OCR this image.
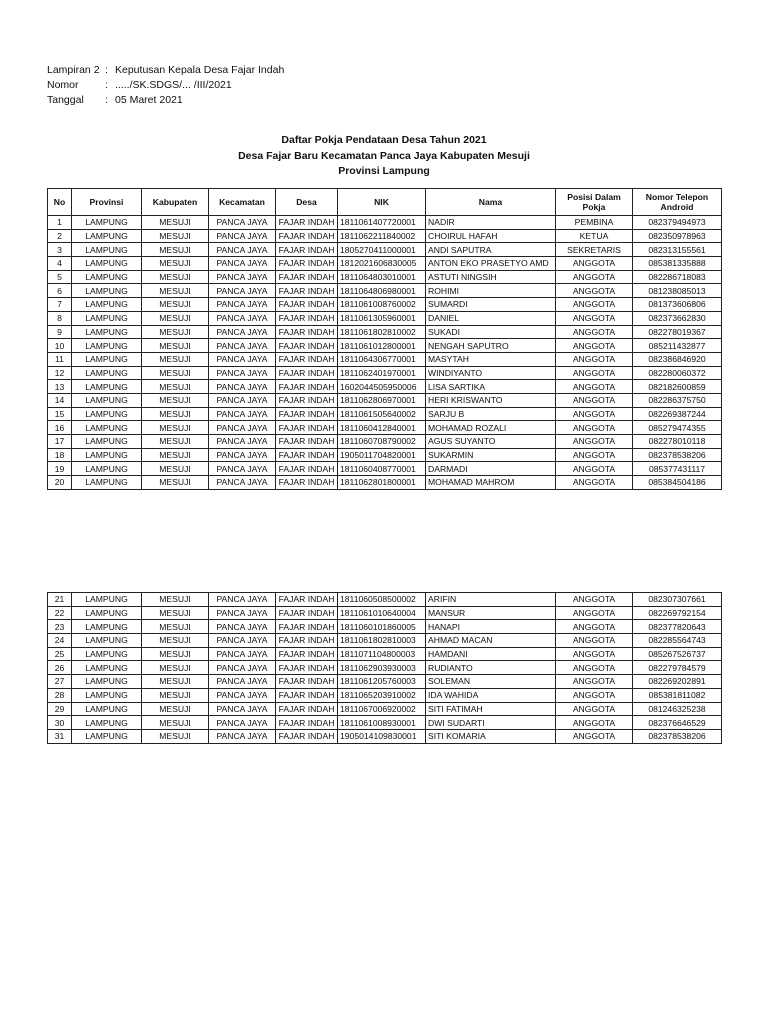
Lampiran 2 : Keputusan Kepala Desa Fajar Indah
Nomor	: ...../SK.SDGS/... /III/2021
Tanggal	: 05 Maret 2021
Daftar Pokja Pendataan Desa Tahun 2021
Desa Fajar Baru Kecamatan Panca Jaya Kabupaten Mesuji
Provinsi Lampung
No	Provinsi	Kabupaten	Kecamatan	Desa	NIK	Nama	Posisi Dalam Pokja	Nomor Telepon Android
1	LAMPUNG	MESUJI	PANCA JAYA	FAJAR INDAH	1811061407720001	NADIR	PEMBINA	082379494973
2	LAMPUNG	MESUJI	PANCA JAYA	FAJAR INDAH	1811062211840002	CHOIRUL HAFAH	KETUA	082350978963
3	LAMPUNG	MESUJI	PANCA JAYA	FAJAR INDAH	1805270411000001	ANDI SAPUTRA	SEKRETARIS	082313155561
4	LAMPUNG	MESUJI	PANCA JAYA	FAJAR INDAH	1812021606830005	ANTON EKO PRASETYO AMD	ANGGOTA	085381335888
5	LAMPUNG	MESUJI	PANCA JAYA	FAJAR INDAH	1811064803010001	ASTUTI NINGSIH	ANGGOTA	082286718083
6	LAMPUNG	MESUJI	PANCA JAYA	FAJAR INDAH	1811064806980001	ROHIMI	ANGGOTA	081238085013
7	LAMPUNG	MESUJI	PANCA JAYA	FAJAR INDAH	1811061008760002	SUMARDI	ANGGOTA	081373606806
8	LAMPUNG	MESUJI	PANCA JAYA	FAJAR INDAH	1811061305960001	DANIEL	ANGGOTA	082373662830
9	LAMPUNG	MESUJI	PANCA JAYA	FAJAR INDAH	1811061802810002	SUKADI	ANGGOTA	082278019367
10	LAMPUNG	MESUJI	PANCA JAYA	FAJAR INDAH	1811061012800001	NENGAH SAPUTRO	ANGGOTA	085211432877
11	LAMPUNG	MESUJI	PANCA JAYA	FAJAR INDAH	1811064306770001	MASYTAH	ANGGOTA	082386846920
12	LAMPUNG	MESUJI	PANCA JAYA	FAJAR INDAH	1811062401970001	WINDIYANTO	ANGGOTA	082280060372
13	LAMPUNG	MESUJI	PANCA JAYA	FAJAR INDAH	1602044505950006	LISA SARTIKA	ANGGOTA	082182600859
14	LAMPUNG	MESUJI	PANCA JAYA	FAJAR INDAH	1811062806970001	HERI KRISWANTO	ANGGOTA	082286375750
15	LAMPUNG	MESUJI	PANCA JAYA	FAJAR INDAH	1811061505640002	SARJU B	ANGGOTA	082269387244
16	LAMPUNG	MESUJI	PANCA JAYA	FAJAR INDAH	1811060412840001	MOHAMAD ROZALI	ANGGOTA	085279474355
17	LAMPUNG	MESUJI	PANCA JAYA	FAJAR INDAH	1811060708790002	AGUS SUYANTO	ANGGOTA	082278010118
18	LAMPUNG	MESUJI	PANCA JAYA	FAJAR INDAH	1905011704820001	SUKARMIN	ANGGOTA	082378538206
19	LAMPUNG	MESUJI	PANCA JAYA	FAJAR INDAH	1811060408770001	DARMADI	ANGGOTA	085377431117
20	LAMPUNG	MESUJI	PANCA JAYA	FAJAR INDAH	1811062801800001	MOHAMAD MAHROM	ANGGOTA	085384504186
21	LAMPUNG	MESUJI	PANCA JAYA	FAJAR INDAH	1811060508500002	ARIFIN	ANGGOTA	082307307661
22	LAMPUNG	MESUJI	PANCA JAYA	FAJAR INDAH	1811061010640004	MANSUR	ANGGOTA	082269792154
23	LAMPUNG	MESUJI	PANCA JAYA	FAJAR INDAH	1811060101860005	HANAPI	ANGGOTA	082377820643
24	LAMPUNG	MESUJI	PANCA JAYA	FAJAR INDAH	1811061802810003	AHMAD MACAN	ANGGOTA	082285564743
25	LAMPUNG	MESUJI	PANCA JAYA	FAJAR INDAH	1811071104800003	HAMDANI	ANGGOTA	085267526737
26	LAMPUNG	MESUJI	PANCA JAYA	FAJAR INDAH	1811062903930003	RUDIANTO	ANGGOTA	082279784579
27	LAMPUNG	MESUJI	PANCA JAYA	FAJAR INDAH	1811061205760003	SOLEMAN	ANGGOTA	082269202891
28	LAMPUNG	MESUJI	PANCA JAYA	FAJAR INDAH	1811065203910002	IDA WAHIDA	ANGGOTA	085381811082
29	LAMPUNG	MESUJI	PANCA JAYA	FAJAR INDAH	1811067006920002	SITI FATIMAH	ANGGOTA	081246325238
30	LAMPUNG	MESUJI	PANCA JAYA	FAJAR INDAH	1811061008930001	DWI SUDARTI	ANGGOTA	082376646529
31	LAMPUNG	MESUJI	PANCA JAYA	FAJAR INDAH	1905014109830001	SITI KOMARIA	ANGGOTA	082378538206
